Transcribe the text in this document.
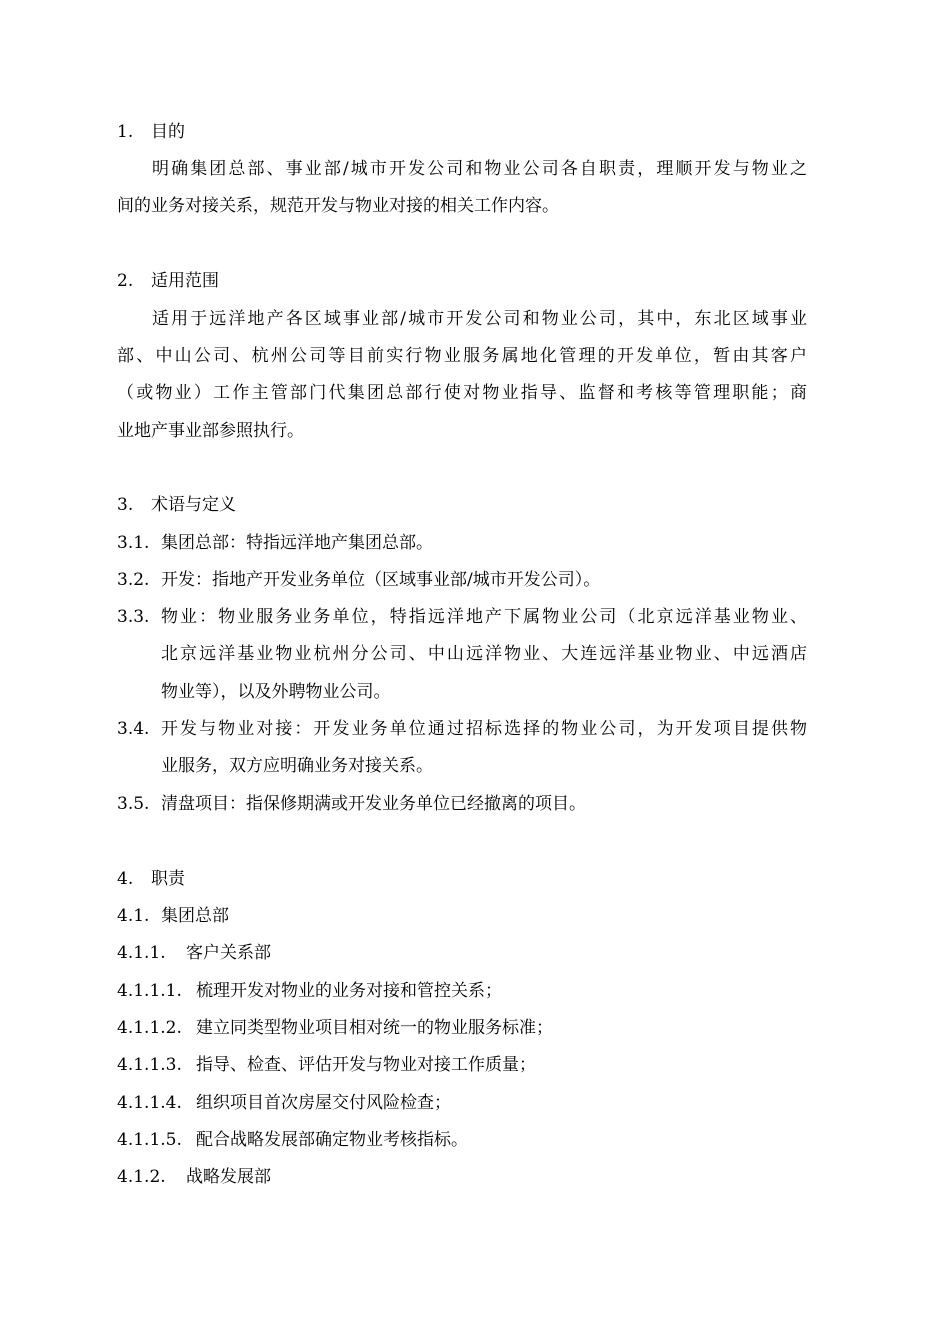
1. 目的
明确集团总部、事业部/城市开发公司和物业公司各自职责，理顺开发与物业之
间的业务对接关系，规范开发与物业对接的相关工作内容。
2. 适用范围
适用于远洋地产各区域事业部/城市开发公司和物业公司，其中，东北区域事业
部、中山公司、杭州公司等目前实行物业服务属地化管理的开发单位，暂由其客户
（或物业）工作主管部门代集团总部行使对物业指导、监督和考核等管理职能；商
业地产事业部参照执行。
3. 术语与定义
3.1. 集团总部：特指远洋地产集团总部。
3.2. 开发：指地产开发业务单位（区域事业部/城市开发公司）。
3.3. 物业：物业服务业务单位，特指远洋地产下属物业公司（北京远洋基业物业、
北京远洋基业物业杭州分公司、中山远洋物业、大连远洋基业物业、中远酒店
物业等），以及外聘物业公司。
3.4. 开发与物业对接：开发业务单位通过招标选择的物业公司，为开发项目提供物
业服务，双方应明确业务对接关系。
3.5. 清盘项目：指保修期满或开发业务单位已经撤离的项目。
4. 职责
4.1. 集团总部
4.1.1. 客户关系部
4.1.1.1. 梳理开发对物业的业务对接和管控关系；
4.1.1.2. 建立同类型物业项目相对统一的物业服务标准；
4.1.1.3. 指导、检查、评估开发与物业对接工作质量；
4.1.1.4. 组织项目首次房屋交付风险检查；
4.1.1.5. 配合战略发展部确定物业考核指标。
4.1.2. 战略发展部
